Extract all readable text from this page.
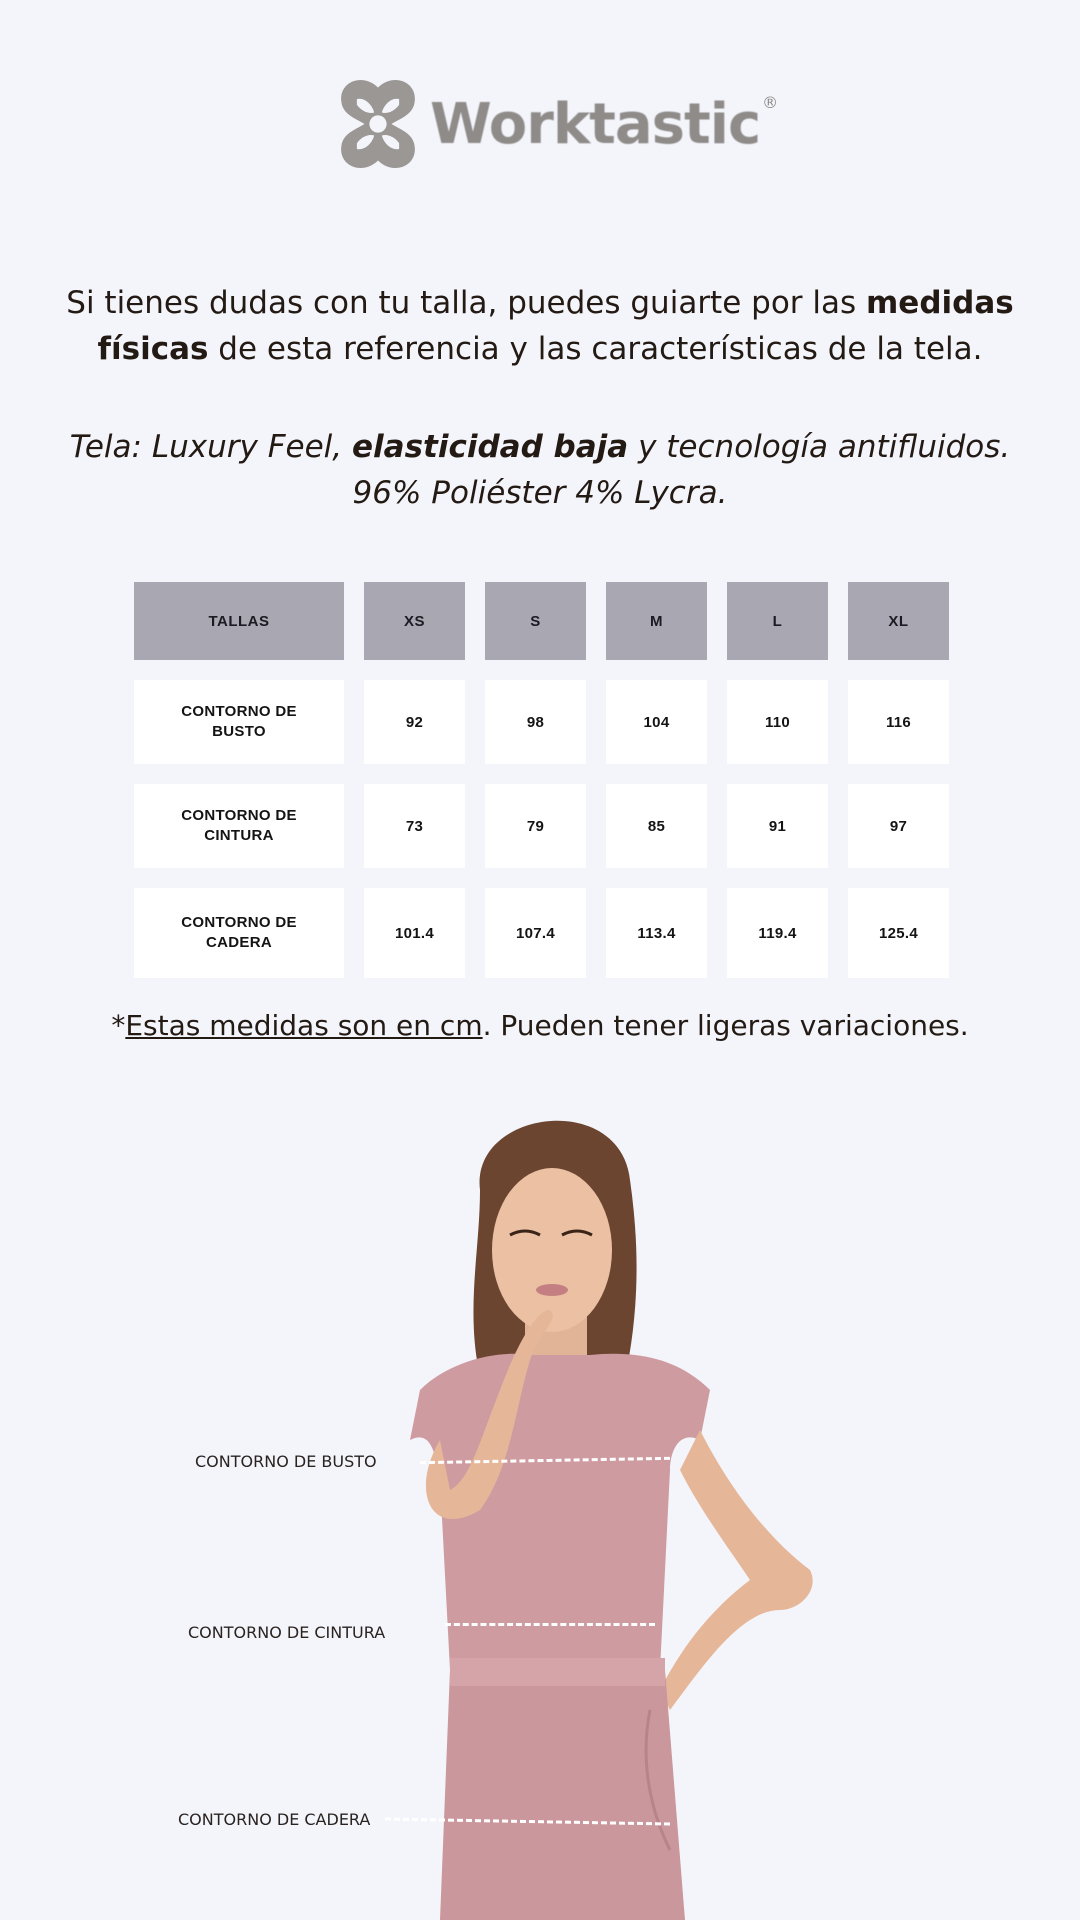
Worktastic ®
Si tienes dudas con tu talla, puedes guiarte por las medidas físicas de esta referencia y las características de la tela.
Tela: Luxury Feel, elasticidad baja y tecnología antifluidos.
96% Poliéster 4% Lycra.
TALLAS	XS	S	M	L	XL
CONTORNO DE
BUSTO	92	98	104	110	116
CONTORNO DE
CINTURA	73	79	85	91	97
CONTORNO DE
CADERA	101.4	107.4	113.4	119.4	125.4
*Estas medidas son en cm. Pueden tener ligeras variaciones.
CONTORNO DE BUSTO
CONTORNO DE CINTURA
CONTORNO DE CADERA
